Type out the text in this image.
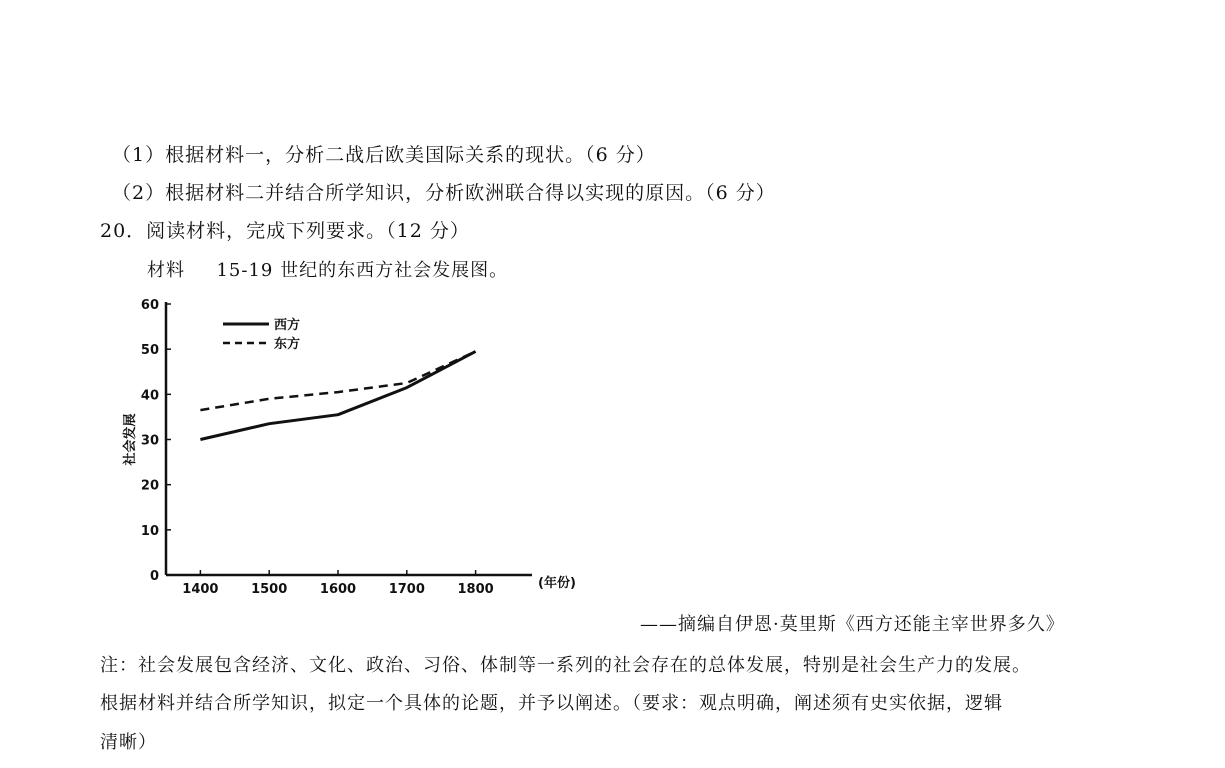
（1）根据材料一，分析二战后欧美国际关系的现状。（6 分）
（2）根据材料二并结合所学知识，分析欧洲联合得以实现的原因。（6 分）
20．阅读材料，完成下列要求。（12 分）
材料 15-19 世纪的东西方社会发展图。
0
10
20
30
40
50
60
1400	1500	1600	1700	1800
西方
东方
社会发展
(年份)
——摘编自伊恩·莫里斯《西方还能主宰世界多久》
注：社会发展包含经济、文化、政治、习俗、体制等一系列的社会存在的总体发展，特别是社会生产力的发展。
根据材料并结合所学知识，拟定一个具体的论题，并予以阐述。（要求：观点明确，阐述须有史实依据，逻辑
清晰）
